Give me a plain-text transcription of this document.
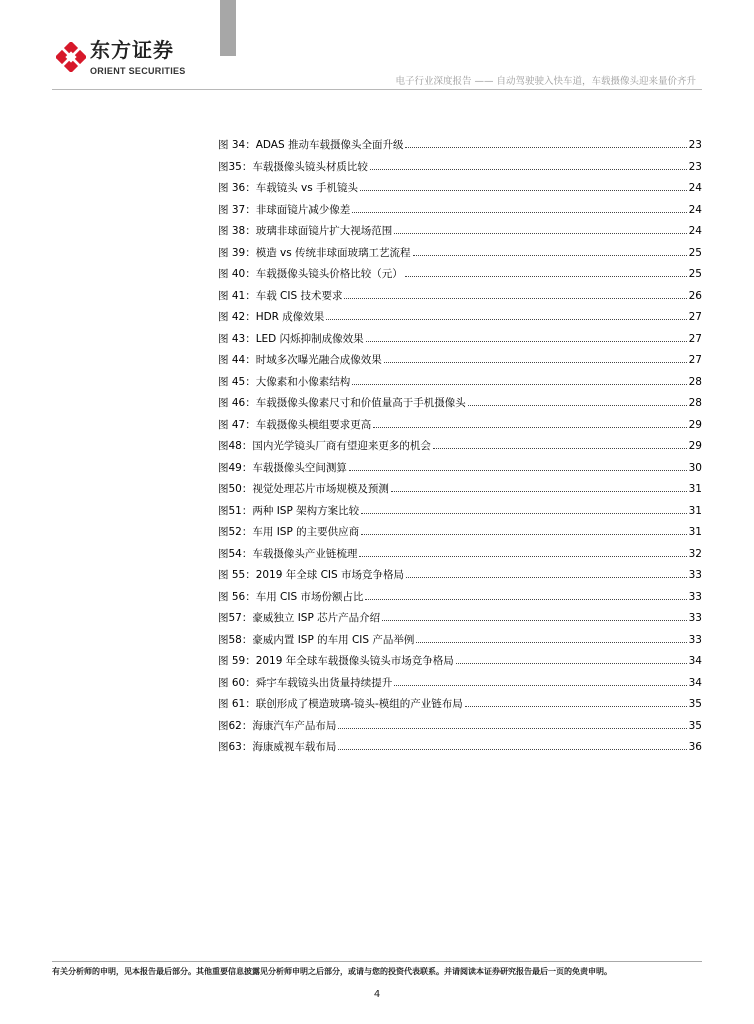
东方证券
ORIENT SECURITIES
电子行业深度报告 —— 自动驾驶驶入快车道，车载摄像头迎来量价齐升
图 34：ADAS 推动车载摄像头全面升级	23
图35：车载摄像头镜头材质比较	23
图 36：车载镜头 vs 手机镜头	24
图 37：非球面镜片减少像差	24
图 38：玻璃非球面镜片扩大视场范围	24
图 39：模造 vs 传统非球面玻璃工艺流程	25
图 40：车载摄像头镜头价格比较（元）	25
图 41：车载 CIS 技术要求	26
图 42：HDR 成像效果	27
图 43：LED 闪烁抑制成像效果	27
图 44：时域多次曝光融合成像效果	27
图 45：大像素和小像素结构	28
图 46：车载摄像头像素尺寸和价值量高于手机摄像头	28
图 47：车载摄像头模组要求更高	29
图48：国内光学镜头厂商有望迎来更多的机会	29
图49：车载摄像头空间测算	30
图50：视觉处理芯片市场规模及预测	31
图51：两种 ISP 架构方案比较	31
图52：车用 ISP 的主要供应商	31
图54：车载摄像头产业链梳理	32
图 55：2019 年全球 CIS 市场竞争格局	33
图 56：车用 CIS 市场份额占比	33
图57：豪威独立 ISP 芯片产品介绍	33
图58：豪威内置 ISP 的车用 CIS 产品举例	33
图 59：2019 年全球车载摄像头镜头市场竞争格局	34
图 60：舜宇车载镜头出货量持续提升	34
图 61：联创形成了模造玻璃-镜头-模组的产业链布局	35
图62：海康汽车产品布局	35
图63：海康威视车载布局	36
有关分析师的申明，见本报告最后部分。其他重要信息披露见分析师申明之后部分，或请与您的投资代表联系。并请阅读本证券研究报告最后一页的免责申明。
4
